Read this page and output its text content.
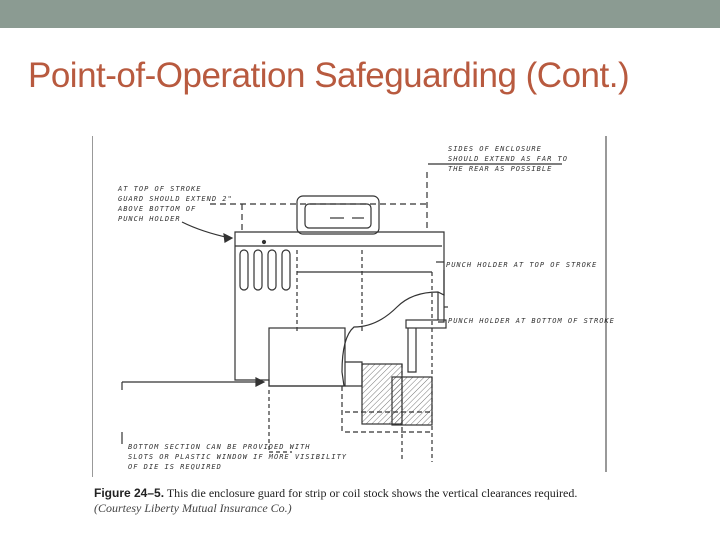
Point-of-Operation Safeguarding (Cont.)
SIDES OF ENCLOSURE
SHOULD EXTEND AS FAR TO
THE REAR AS POSSIBLE
AT TOP OF STROKE
GUARD SHOULD EXTEND 2"
ABOVE BOTTOM OF
PUNCH HOLDER
PUNCH HOLDER AT TOP OF STROKE
PUNCH HOLDER AT BOTTOM OF STROKE
BOTTOM SECTION CAN BE PROVIDED WITH
SLOTS OR PLASTIC WINDOW IF MORE VISIBILITY
OF DIE IS REQUIRED
Figure 24–5. This die enclosure guard for strip or coil stock shows the vertical clearances required.
(Courtesy Liberty Mutual Insurance Co.)
